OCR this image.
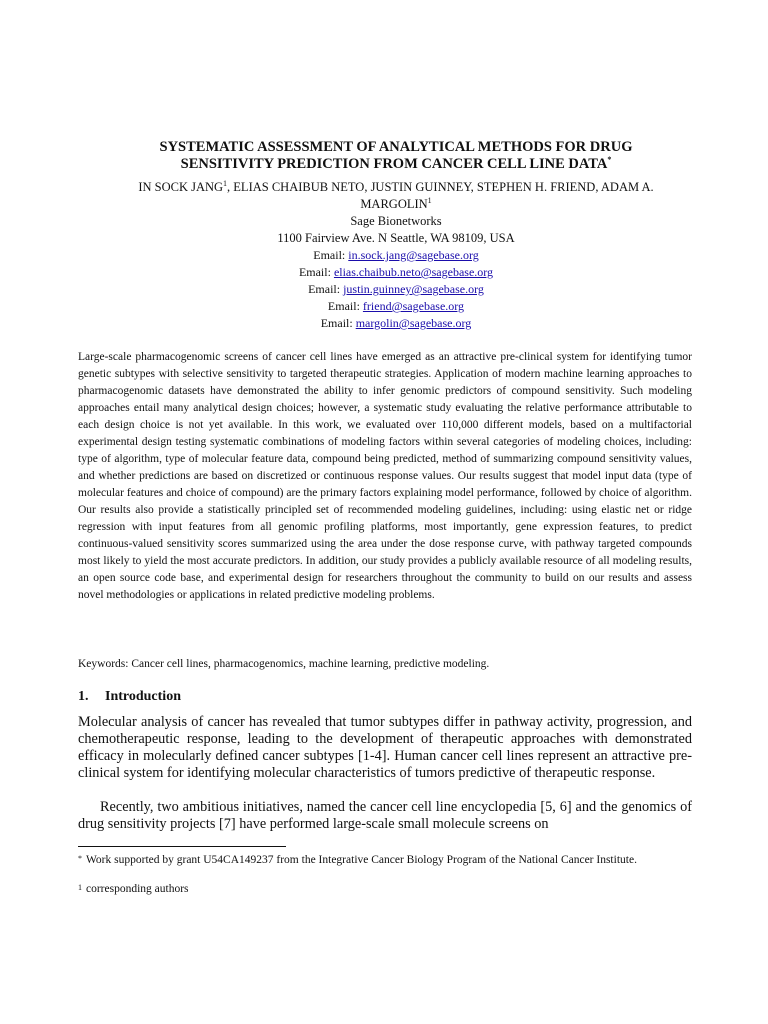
SYSTEMATIC ASSESSMENT OF ANALYTICAL METHODS FOR DRUG
SENSITIVITY PREDICTION FROM CANCER CELL LINE DATA*
IN SOCK JANG$^1$, ELIAS CHAIBUB NETO, JUSTIN GUINNEY, STEPHEN H. FRIEND, ADAM A.
MARGOLIN$^1$
Sage Bionetworks
1100 Fairview Ave. N Seattle, WA 98109, USA
Email: in.sock.jang@sagebase.org
Email: elias.chaibub.neto@sagebase.org
Email: justin.guinney@sagebase.org
Email: friend@sagebase.org
Email: margolin@sagebase.org
Large-scale pharmacogenomic screens of cancer cell lines have emerged as an attractive pre-clinical system for identifying tumor genetic subtypes with selective sensitivity to targeted therapeutic strategies. Application of modern machine learning approaches to pharmacogenomic datasets have demonstrated the ability to infer genomic predictors of compound sensitivity. Such modeling approaches entail many analytical design choices; however, a systematic study evaluating the relative performance attributable to each design choice is not yet available. In this work, we evaluated over 110,000 different models, based on a multifactorial experimental design testing systematic combinations of modeling factors within several categories of modeling choices, including: type of algorithm, type of molecular feature data, compound being predicted, method of summarizing compound sensitivity values, and whether predictions are based on discretized or continuous response values. Our results suggest that model input data (type of molecular features and choice of compound) are the primary factors explaining model performance, followed by choice of algorithm. Our results also provide a statistically principled set of recommended modeling guidelines, including: using elastic net or ridge regression with input features from all genomic profiling platforms, most importantly, gene expression features, to predict continuous-valued sensitivity scores summarized using the area under the dose response curve, with pathway targeted compounds most likely to yield the most accurate predictors. In addition, our study provides a publicly available resource of all modeling results, an open source code base, and experimental design for researchers throughout the community to build on our results and assess novel methodologies or applications in related predictive modeling problems.
Keywords: Cancer cell lines, pharmacogenomics, machine learning, predictive modeling.
1. Introduction
Molecular analysis of cancer has revealed that tumor subtypes differ in pathway activity, progression, and chemotherapeutic response, leading to the development of therapeutic approaches with demonstrated efficacy in molecularly defined cancer subtypes [1-4]. Human cancer cell lines represent an attractive pre-clinical system for identifying molecular characteristics of tumors predictive of therapeutic response.
Recently, two ambitious initiatives, named the cancer cell line encyclopedia [5, 6] and the genomics of drug sensitivity projects [7] have performed large-scale small molecule screens on
* Work supported by grant U54CA149237 from the Integrative Cancer Biology Program of the National Cancer Institute.
1 corresponding authors
